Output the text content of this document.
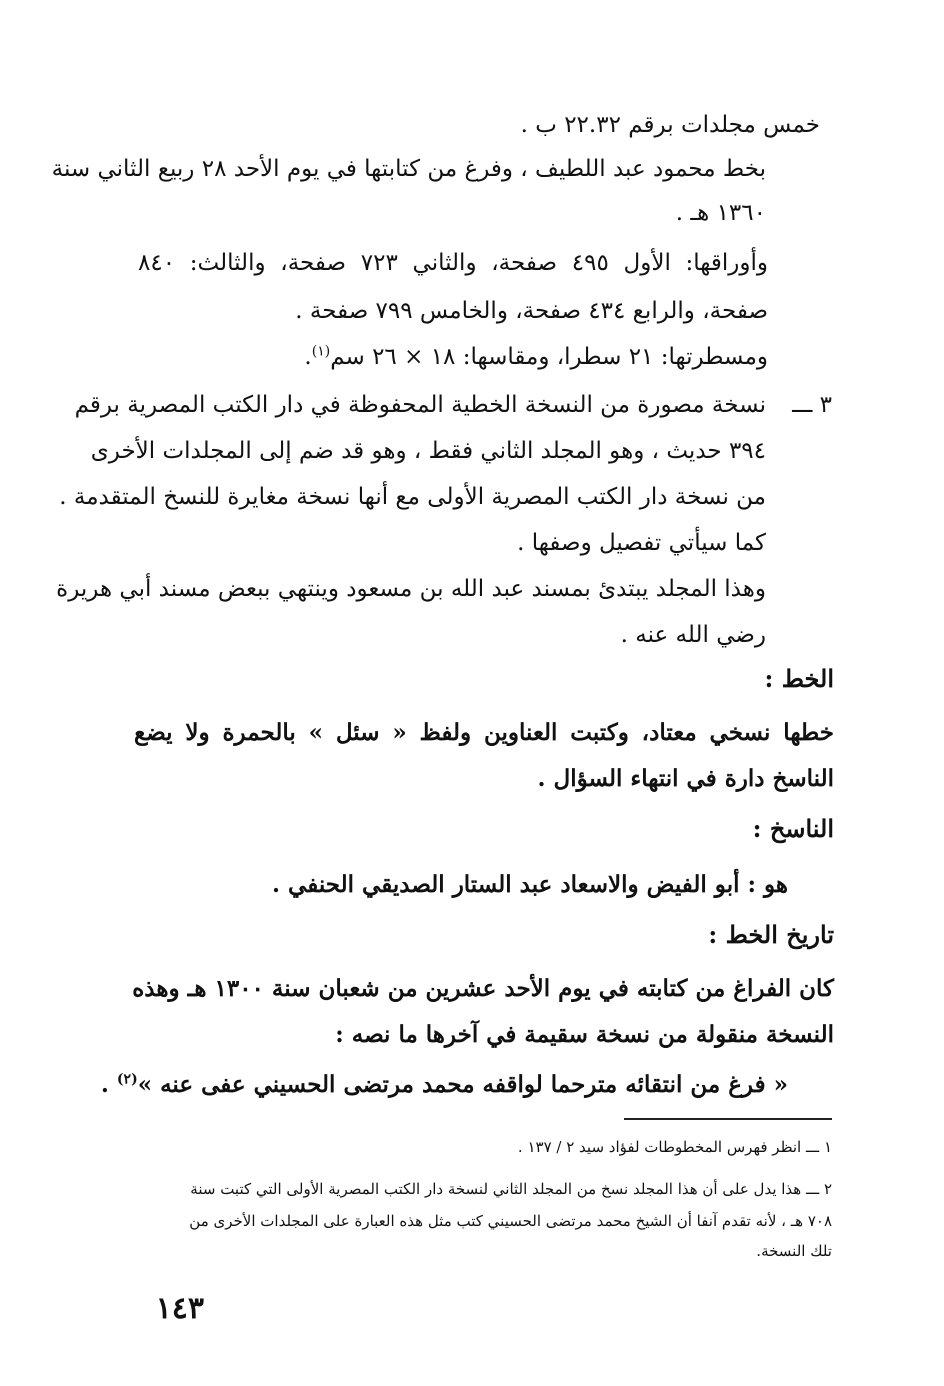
خمس مجلدات برقم ٢٢.٣٢ ب .
بخط محمود عبد اللطيف ، وفرغ من كتابتها في يوم الأحد ٢٨ ربيع الثاني سنة
١٣٦٠ هـ .
وأوراقها: الأول ٤٩٥ صفحة، والثاني ٧٢٣ صفحة، والثالث: ٨٤٠
صفحة، والرابع ٤٣٤ صفحة، والخامس ٧٩٩ صفحة .
ومسطرتها: ٢١ سطرا، ومقاسها: ١٨ × ٢٦ سم$^{(١)}$.
٣ ـــ
نسخة مصورة من النسخة الخطية المحفوظة في دار الكتب المصرية برقم
٣٩٤ حديث ، وهو المجلد الثاني فقط ، وهو قد ضم إلى المجلدات الأخرى
من نسخة دار الكتب المصرية الأولى مع أنها نسخة مغايرة للنسخ المتقدمة .
كما سيأتي تفصيل وصفها .
وهذا المجلد يبتدئ بمسند عبد الله بن مسعود وينتهي ببعض مسند أبي هريرة
رضي الله عنه .
الخط :
خطها نسخي معتاد، وكتبت العناوين ولفظ « سئل » بالحمرة ولا يضع
الناسخ دارة في انتهاء السؤال .
الناسخ :
هو : أبو الفيض والاسعاد عبد الستار الصديقي الحنفي .
تاريخ الخط :
كان الفراغ من كتابته في يوم الأحد عشرين من شعبان سنة ١٣٠٠ هـ وهذه
النسخة منقولة من نسخة سقيمة في آخرها ما نصه :
« فرغ من انتقائه مترحما لواقفه محمد مرتضى الحسيني عفى عنه »$^{(٢)}$ .
١ ـــ انظر فهرس المخطوطات لفؤاد سيد ٢ / ١٣٧ .
٢ ـــ هذا يدل على أن هذا المجلد نسخ من المجلد الثاني لنسخة دار الكتب المصرية الأولى التي كتبت سنة
٧٠٨ هـ ، لأنه تقدم آنفا أن الشيخ محمد مرتضى الحسيني كتب مثل هذه العبارة على المجلدات الأخرى من
تلك النسخة.
١٤٣
